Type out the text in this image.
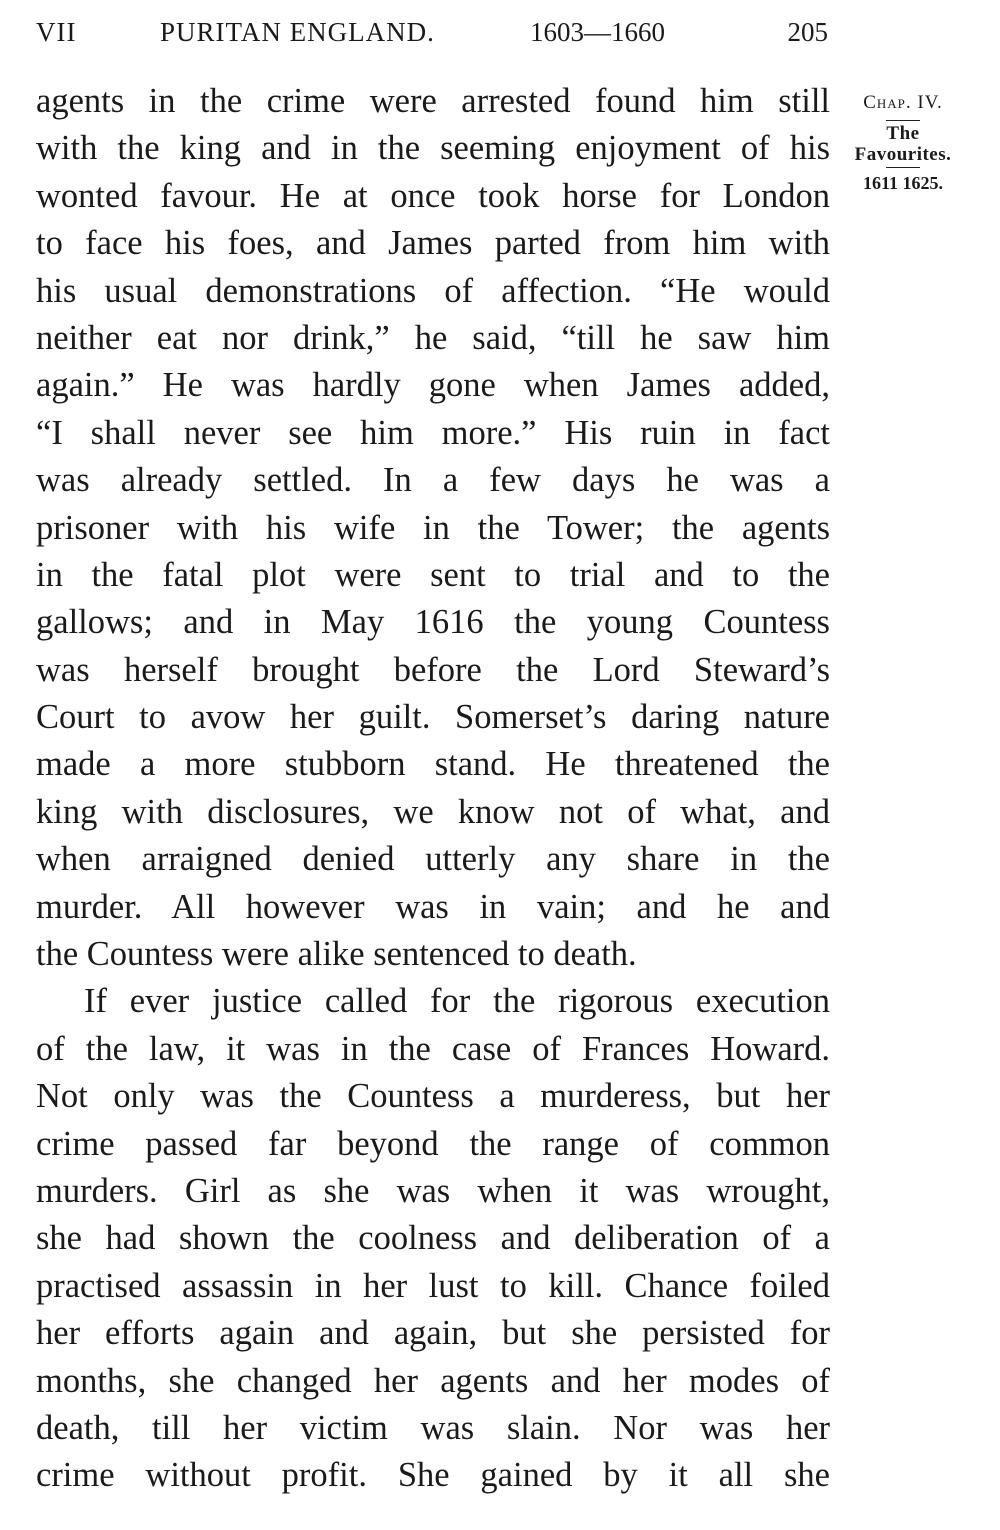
VII	PURITAN ENGLAND.	1603—1660	205
agents in the crime were arrested found him still
with the king and in the seeming enjoyment of his
wonted favour. He at once took horse for London
to face his foes, and James parted from him with
his usual demonstrations of affection. “He would
neither eat nor drink,” he said, “till he saw him
again.” He was hardly gone when James added,
“I shall never see him more.” His ruin in fact
was already settled. In a few days he was a
prisoner with his wife in the Tower; the agents
in the fatal plot were sent to trial and to the
gallows; and in May 1616 the young Countess
was herself brought before the Lord Steward’s
Court to avow her guilt. Somerset’s daring nature
made a more stubborn stand. He threatened the
king with disclosures, we know not of what, and
when arraigned denied utterly any share in the
murder. All however was in vain; and he and
the Countess were alike sentenced to death.
If ever justice called for the rigorous execution
of the law, it was in the case of Frances Howard.
Not only was the Countess a murderess, but her
crime passed far beyond the range of common
murders. Girl as she was when it was wrought,
she had shown the coolness and deliberation of a
practised assassin in her lust to kill. Chance foiled
her efforts again and again, but she persisted for
months, she changed her agents and her modes of
death, till her victim was slain. Nor was her
crime without profit. She gained by it all she
Chap. IV.
The
Favourites.
1611 1625.
